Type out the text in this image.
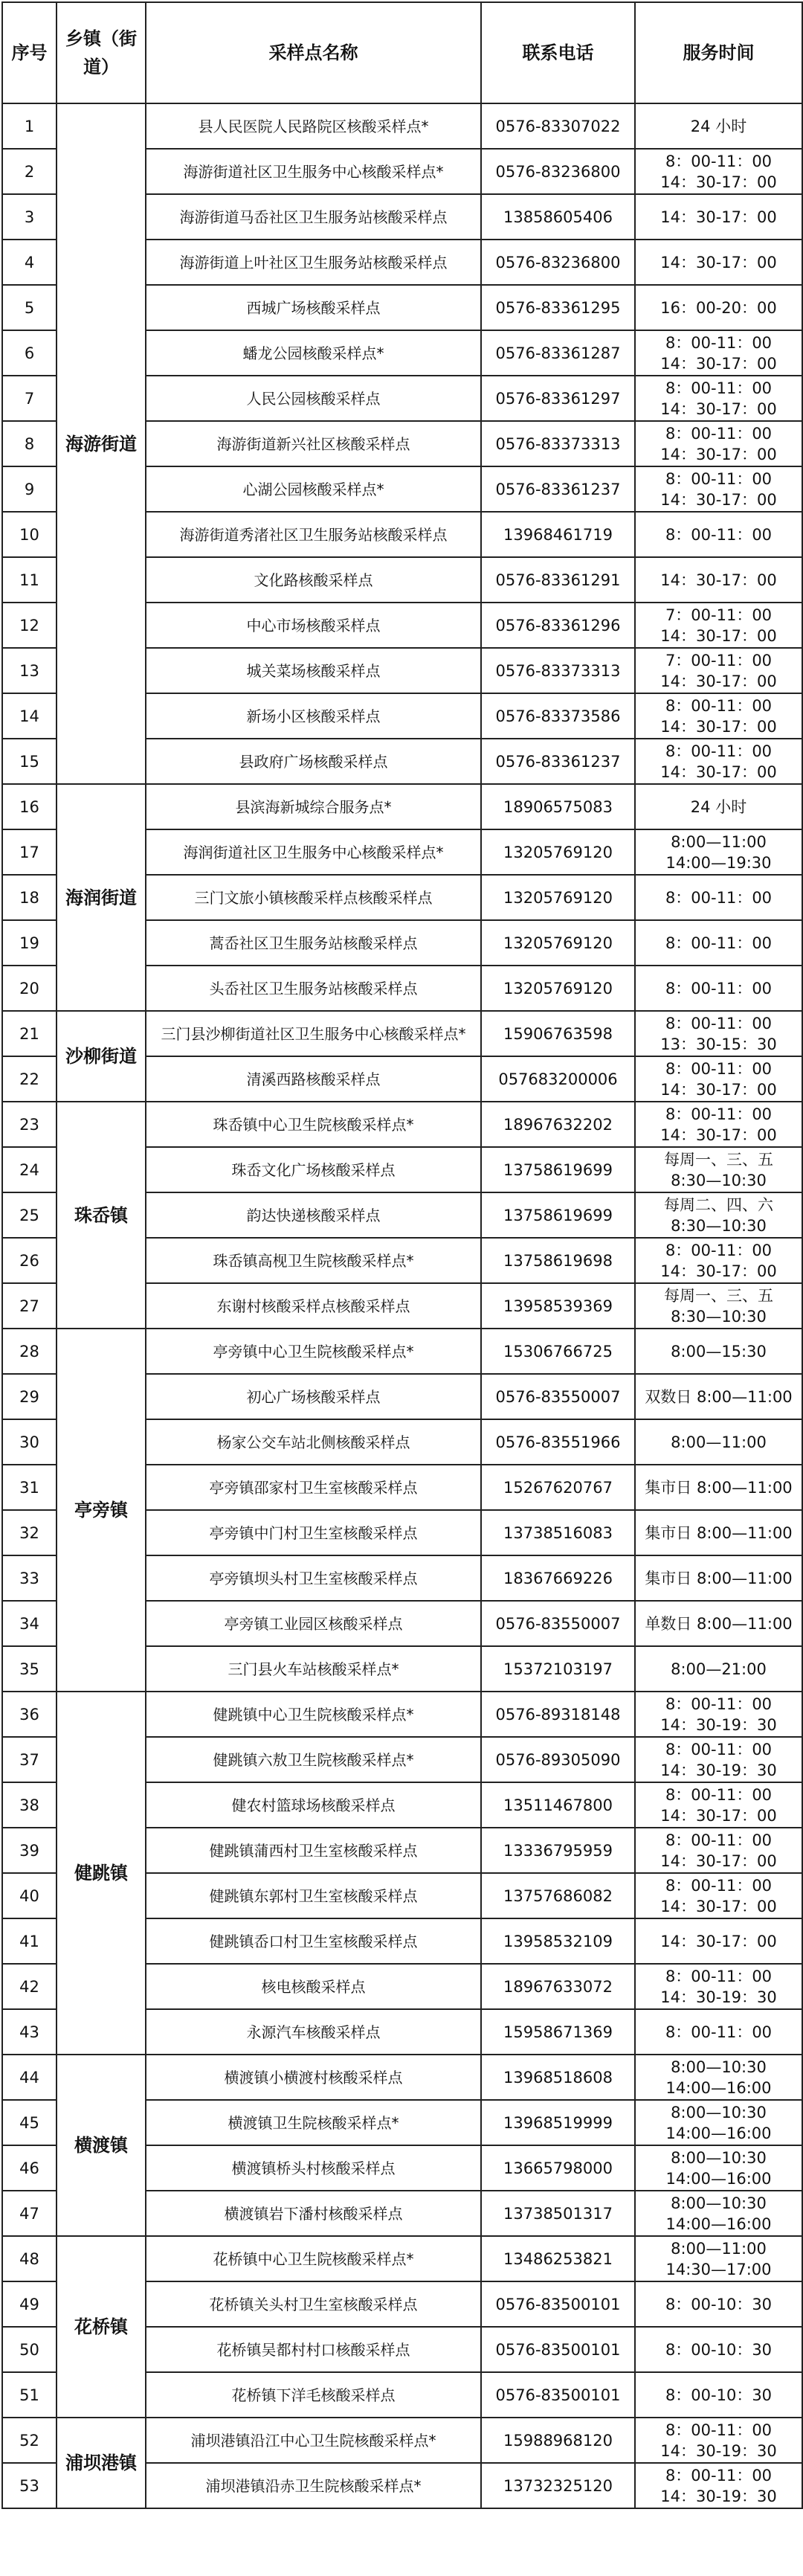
序号	乡镇（街道）	采样点名称	联系电话	服务时间
1	海游街道	县人民医院人民路院区核酸采样点*	0576-83307022	24 小时
2		海游街道社区卫生服务中心核酸采样点*	0576-83236800	8：00-11：00
14：30-17：00
3		海游街道马岙社区卫生服务站核酸采样点	13858605406	14：30-17：00
4		海游街道上叶社区卫生服务站核酸采样点	0576-83236800	14：30-17：00
5		西城广场核酸采样点	0576-83361295	16：00-20：00
6		蟠龙公园核酸采样点*	0576-83361287	8：00-11：00
14：30-17：00
7		人民公园核酸采样点	0576-83361297	8：00-11：00
14：30-17：00
8		海游街道新兴社区核酸采样点	0576-83373313	8：00-11：00
14：30-17：00
9		心湖公园核酸采样点*	0576-83361237	8：00-11：00
14：30-17：00
10		海游街道秀渚社区卫生服务站核酸采样点	13968461719	8：00-11：00
11		文化路核酸采样点	0576-83361291	14：30-17：00
12		中心市场核酸采样点	0576-83361296	7：00-11：00
14：30-17：00
13		城关菜场核酸采样点	0576-83373313	7：00-11：00
14：30-17：00
14		新场小区核酸采样点	0576-83373586	8：00-11：00
14：30-17：00
15		县政府广场核酸采样点	0576-83361237	8：00-11：00
14：30-17：00
16	海润街道	县滨海新城综合服务点*	18906575083	24 小时
17		海润街道社区卫生服务中心核酸采样点*	13205769120	8:00—11:00
14:00—19:30
18		三门文旅小镇核酸采样点核酸采样点	13205769120	8：00-11：00
19		蒿岙社区卫生服务站核酸采样点	13205769120	8：00-11：00
20		头岙社区卫生服务站核酸采样点	13205769120	8：00-11：00
21	沙柳街道	三门县沙柳街道社区卫生服务中心核酸采样点*	15906763598	8：00-11：00
13：30-15：30
22		清溪西路核酸采样点	057683200006	8：00-11：00
14：30-17：00
23	珠岙镇	珠岙镇中心卫生院核酸采样点*	18967632202	8：00-11：00
14：30-17：00
24		珠岙文化广场核酸采样点	13758619699	每周一、三、五
8:30—10:30
25		韵达快递核酸采样点	13758619699	每周二、四、六
8:30—10:30
26		珠岙镇高枧卫生院核酸采样点*	13758619698	8：00-11：00
14：30-17：00
27		东谢村核酸采样点核酸采样点	13958539369	每周一、三、五
8:30—10:30
28	亭旁镇	亭旁镇中心卫生院核酸采样点*	15306766725	8:00—15:30
29		初心广场核酸采样点	0576-83550007	双数日 8:00—11:00
30		杨家公交车站北侧核酸采样点	0576-83551966	8:00—11:00
31		亭旁镇邵家村卫生室核酸采样点	15267620767	集市日 8:00—11:00
32		亭旁镇中门村卫生室核酸采样点	13738516083	集市日 8:00—11:00
33		亭旁镇坝头村卫生室核酸采样点	18367669226	集市日 8:00—11:00
34		亭旁镇工业园区核酸采样点	0576-83550007	单数日 8:00—11:00
35		三门县火车站核酸采样点*	15372103197	8:00—21:00
36	健跳镇	健跳镇中心卫生院核酸采样点*	0576-89318148	8：00-11：00
14：30-19：30
37		健跳镇六敖卫生院核酸采样点*	0576-89305090	8：00-11：00
14：30-19：30
38		健农村篮球场核酸采样点	13511467800	8：00-11：00
14：30-17：00
39		健跳镇蒲西村卫生室核酸采样点	13336795959	8：00-11：00
14：30-17：00
40		健跳镇东郭村卫生室核酸采样点	13757686082	8：00-11：00
14：30-17：00
41		健跳镇岙口村卫生室核酸采样点	13958532109	14：30-17：00
42		核电核酸采样点	18967633072	8：00-11：00
14：30-19：30
43		永源汽车核酸采样点	15958671369	8：00-11：00
44	横渡镇	横渡镇小横渡村核酸采样点	13968518608	8:00—10:30
14:00—16:00
45		横渡镇卫生院核酸采样点*	13968519999	8:00—10:30
14:00—16:00
46		横渡镇桥头村核酸采样点	13665798000	8:00—10:30
14:00—16:00
47		横渡镇岩下潘村核酸采样点	13738501317	8:00—10:30
14:00—16:00
48	花桥镇	花桥镇中心卫生院核酸采样点*	13486253821	8:00—11:00
14:30—17:00
49		花桥镇关头村卫生室核酸采样点	0576-83500101	8：00-10：30
50		花桥镇吴都村村口核酸采样点	0576-83500101	8：00-10：30
51		花桥镇下洋毛核酸采样点	0576-83500101	8：00-10：30
52	浦坝港镇	浦坝港镇沿江中心卫生院核酸采样点*	15988968120	8：00-11：00
14：30-19：30
53		浦坝港镇沿赤卫生院核酸采样点*	13732325120	8：00-11：00
14：30-19：30
